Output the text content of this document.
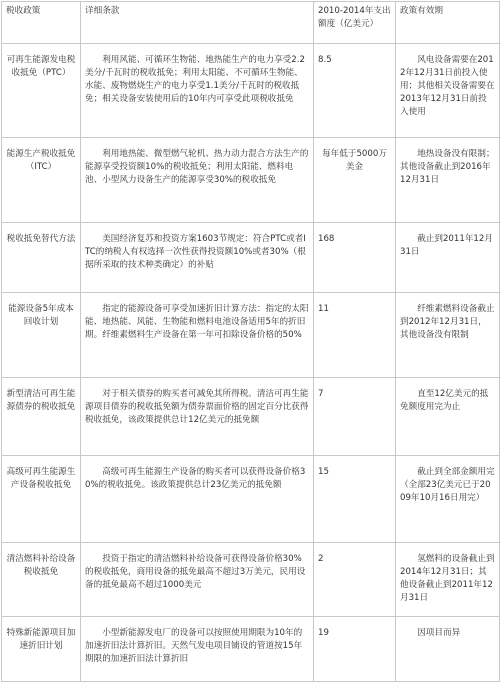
税收政策	详细条款	2010-2014年支出额度（亿美元）	政策有效期
可再生能源发电税收抵免（PTC）	利用风能、可循环生物能、地热能生产的电力享受2.2美分/千瓦时的税收抵免；利用太阳能、不可循环生物能、水能、废物燃烧生产的电力享受1.1美分/千瓦时的税收抵免；相关设备安装使用后的10年内可享受此项税收抵免	8.5	风电设备需要在2012年12月31日前投入使用；其他相关设备需要在2013年12月31日前投入使用
能源生产税收抵免（ITC）	利用地热能、微型燃气轮机、热力动力混合方法生产的能源享受投资额10%的税收抵免；利用太阳能、燃料电池、小型风力设备生产的能源享受30%的税收抵免	每年低于5000万美金	地热设备没有限制；其他设备截止到2016年12月31日
税收抵免替代方法	美国经济复苏和投资方案1603节规定：符合PTC或者ITC的纳税人有权选择一次性获得投资额10%或者30%（根据所采取的技术种类确定）的补贴	168	截止到2011年12月31日
能源设备5年成本回收计划	指定的能源设备可享受加速折旧计算方法：指定的太阳能、地热能、风能、生物能和燃料电池设备适用5年的折旧期。纤维素燃料生产设备在第一年可扣除设备价格的50%	11	纤维素燃料设备截止到2012年12月31日，其他设备没有限制
新型清洁可再生能源债券的税收抵免	对于相关债券的购买者可减免其所得税。清洁可再生能源项目债券的税收抵免额为债券票面价格的固定百分比获得税收抵免，该政策提供总计12亿美元的抵免额	7	直至12亿美元的抵免额度用完为止
高级可再生能源生产设备税收抵免	高级可再生能源生产设备的购买者可以获得设备价格30%的税收抵免。该政策提供总计23亿美元的抵免额	15	截止到全部金额用完（全部23亿美元已于2009年10月16日用完）
清洁燃料补给设备税收抵免	投资于指定的清洁燃料补给设备可获得设备价格30%的税收抵免，商用设备的抵免最高不超过3万美元，民用设备的抵免最高不超过1000美元	2	氢燃料的设备截止到2014年12月31日；其他设备截止到2011年12月31日
特殊新能源项目加速折旧计划	小型新能源发电厂的设备可以按照使用期限为10年的加速折旧法计算折旧。天然气发电项目铺设的管道按15年期限的加速折旧法计算折旧	19	因项目而异
